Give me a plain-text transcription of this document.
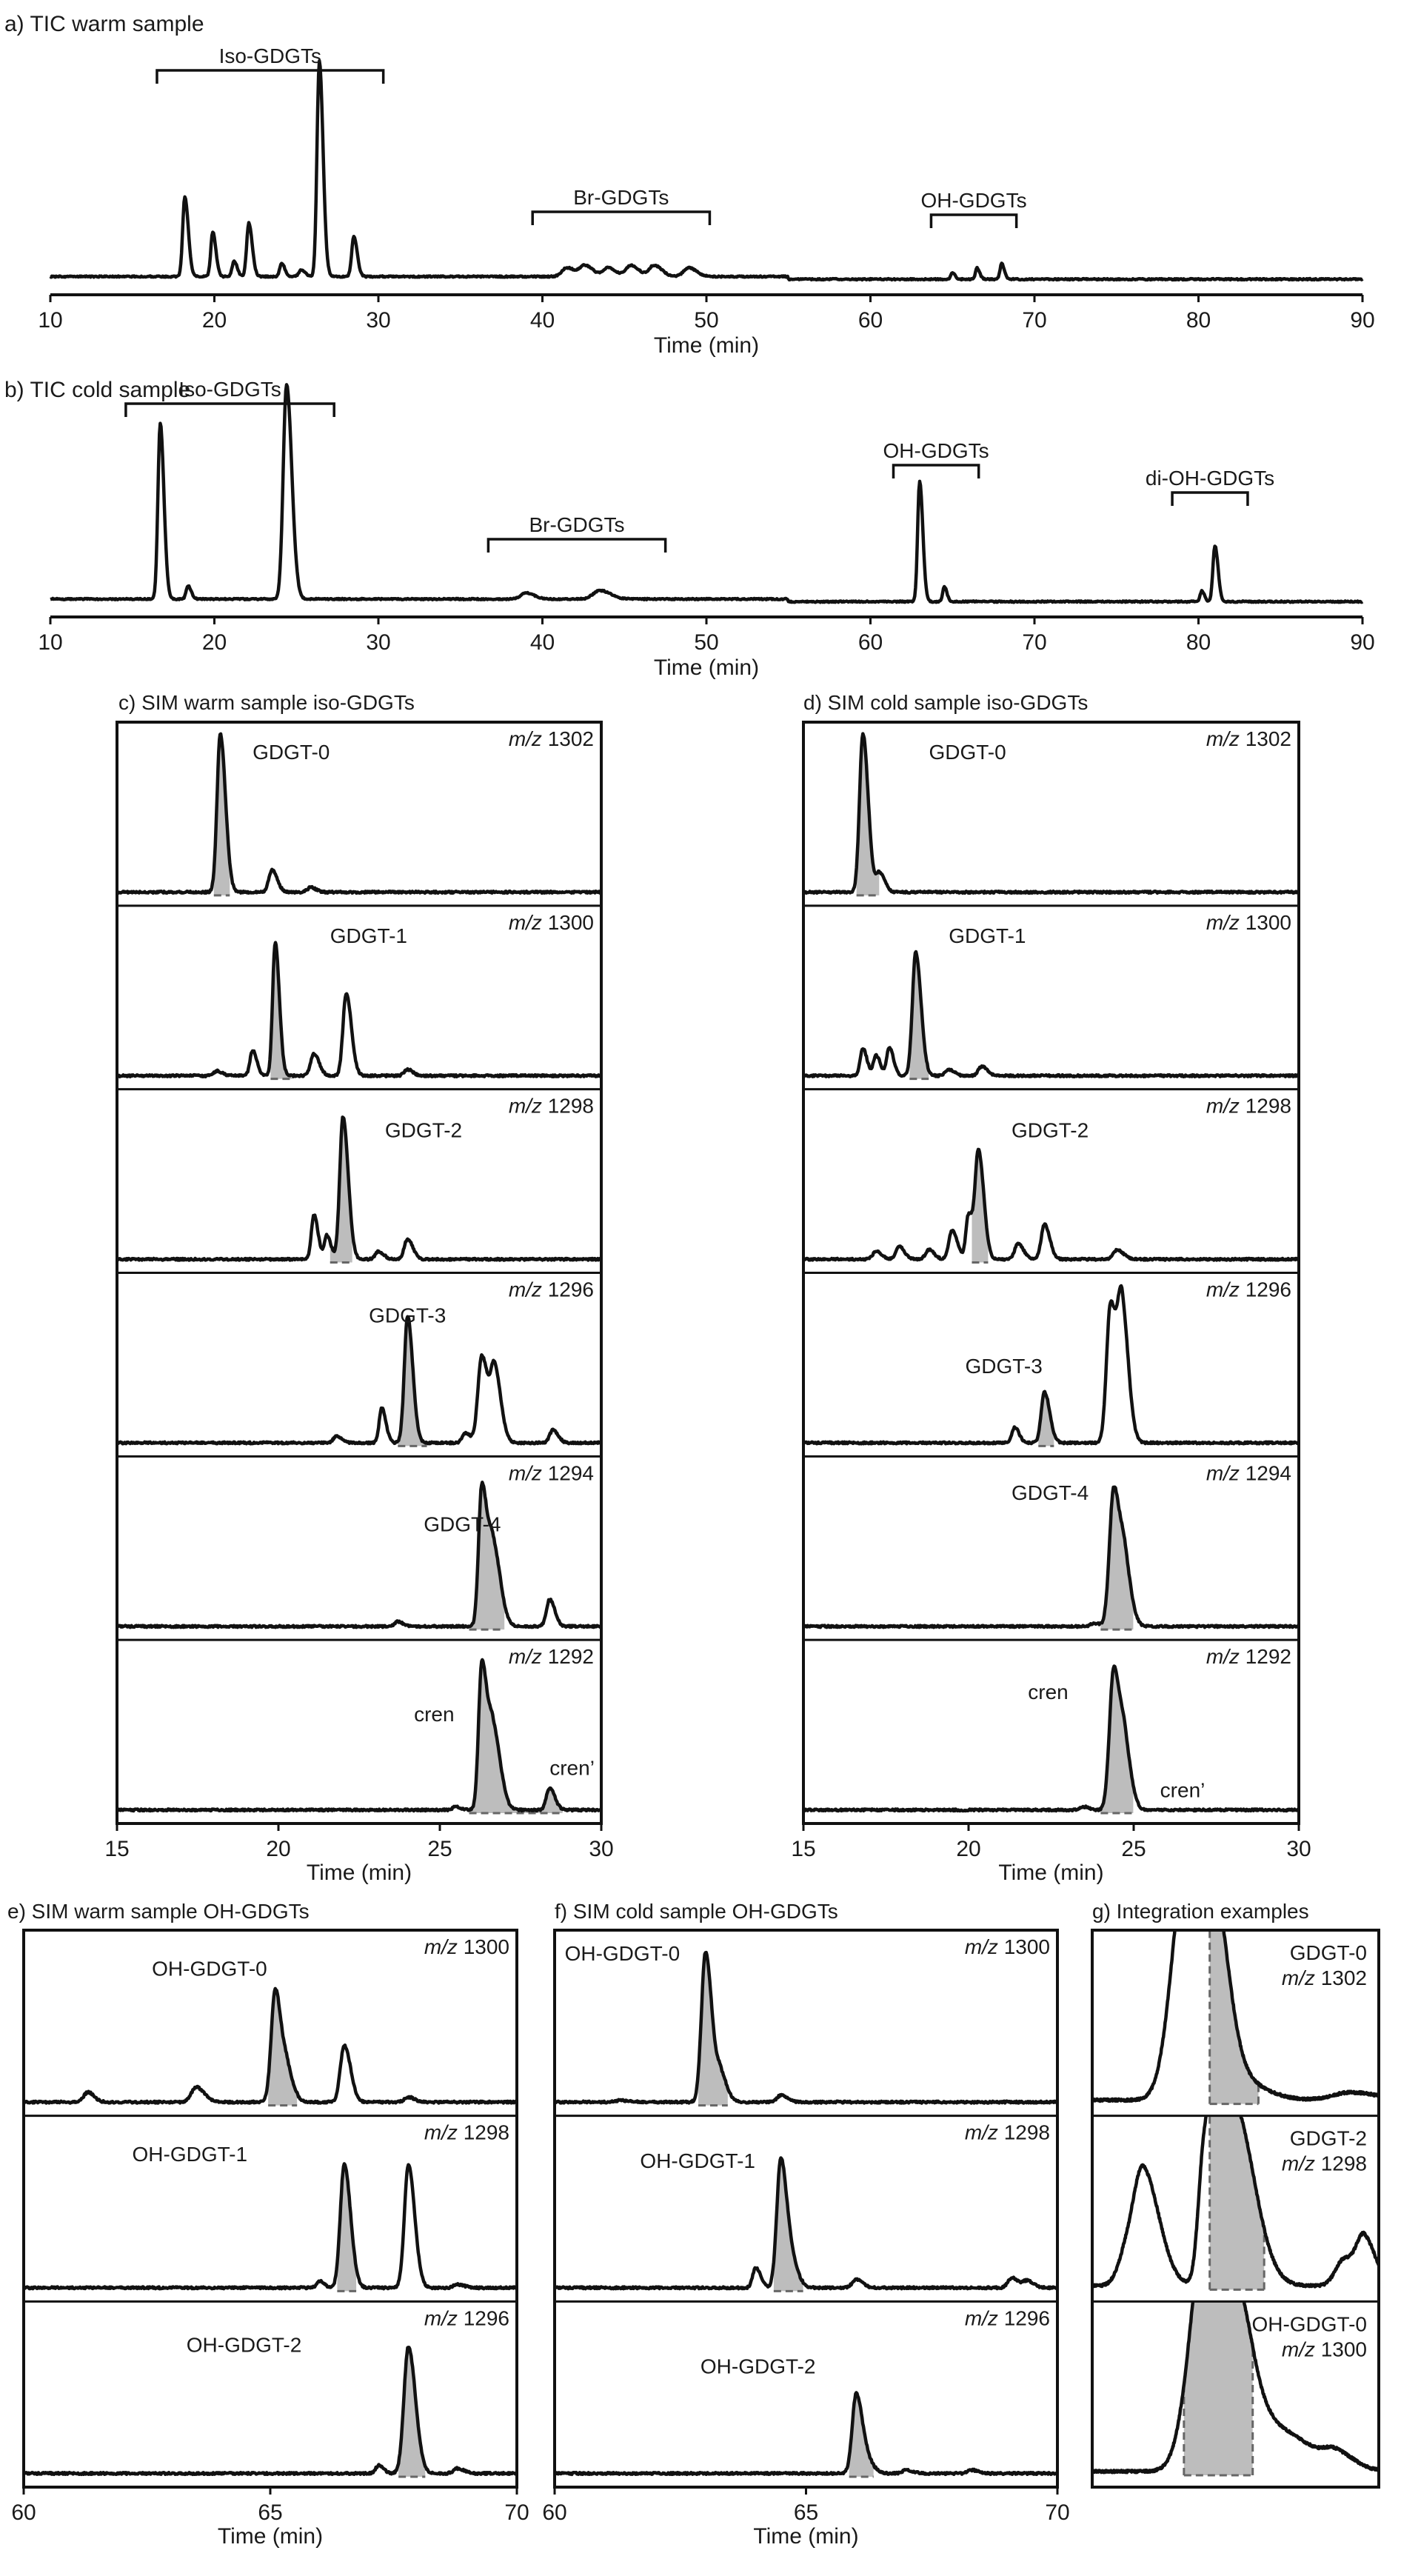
a) TIC warm sample
10	20	30	40	50	60	70	80	90
Time (min)
Iso-GDGTs
Br-GDGTs	OH-GDGTs
b) TIC cold sample
10	20	30	40	50	60	70	80	90
Time (min)
Iso-GDGTs
Br-GDGTs
OH-GDGTs
di-OH-GDGTs
c) SIM warm sample iso-GDGTs
m/z 1302
GDGT-0
m/z 1300
GDGT-1
m/z 1298
GDGT-2
m/z 1296
GDGT-3
m/z 1294
GDGT-4
m/z 1292
cren
cren’
15	20	25	30
Time (min)
d) SIM cold sample iso-GDGTs
m/z 1302
GDGT-0
m/z 1300
GDGT-1
m/z 1298
GDGT-2
m/z 1296
GDGT-3
m/z 1294
GDGT-4
m/z 1292
cren
cren’
15	20	25	30
Time (min)
e) SIM warm sample OH-GDGTs
m/z 1300
OH-GDGT-0
m/z 1298
OH-GDGT-1
m/z 1296
OH-GDGT-2
60	65	70
Time (min)
f) SIM cold sample OH-GDGTs
m/z 1300
OH-GDGT-0
m/z 1298
OH-GDGT-1
m/z 1296
OH-GDGT-2
60	65	70
Time (min)
g) Integration examples
GDGT-0
m/z 1302
GDGT-2
m/z 1298
OH-GDGT-0
m/z 1300
